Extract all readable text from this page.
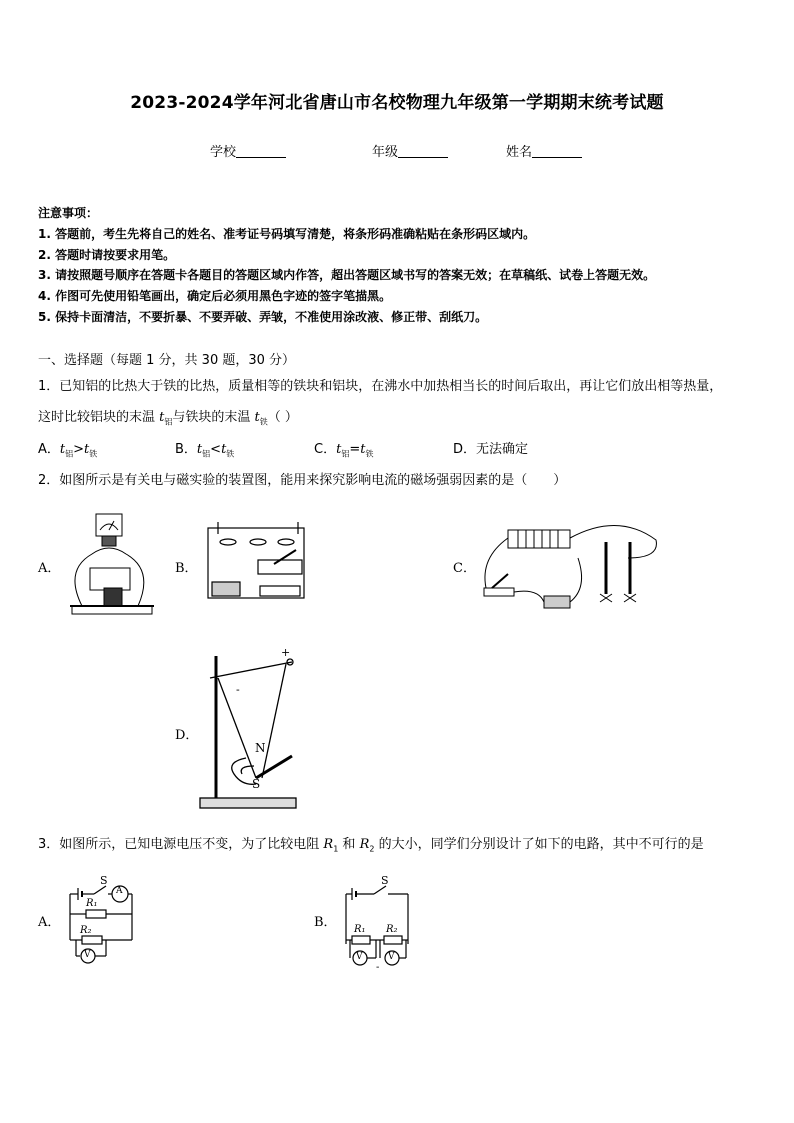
2023-2024学年河北省唐山市名校物理九年级第一学期期末统考试题
学校	年级	姓名
注意事项：
1. 答题前，考生先将自己的姓名、准考证号码填写清楚，将条形码准确粘贴在条形码区域内。
2. 答题时请按要求用笔。
3. 请按照题号顺序在答题卡各题目的答题区域内作答，超出答题区域书写的答案无效；在草稿纸、试卷上答题无效。
4. 作图可先使用铅笔画出，确定后必须用黑色字迹的签字笔描黑。
5. 保持卡面清洁，不要折暴、不要弄破、弄皱，不准使用涂改液、修正带、刮纸刀。
一、选择题（每题 1 分，共 30 题，30 分）
1．已知铝的比热大于铁的比热，质量相等的铁块和铝块，在沸水中加热相当长的时间后取出，再让它们放出相等热量，
这时比较铝块的末温 $t_铝$与铁块的末温 $t_铁$（ ）
A．$t_铝>t_铁$	B．$t_铝<t_铁$	C．$t_铝=t_铁$	D．无法确定
2．如图所示是有关电与磁实验的装置图，能用来探究影响电流的磁场强弱因素的是（　　）
A．	B．	C．
D．
+
-
N
S
3．如图所示，已知电源电压不变，为了比较电阻 $R_1$ 和 $R_2$ 的大小，同学们分别设计了如下的电路，其中不可行的是
A．
S
A
R₁
R₂
V
B．
S
R₁ R₂
V	V
-
